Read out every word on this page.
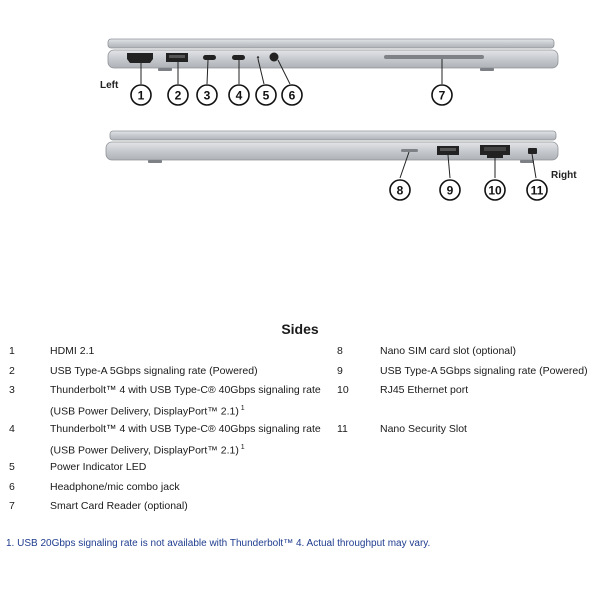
Left
Right
1	2 3 4 5 6	7
8	9	10 11
Sides
1	HDMI 2.1
2	USB Type-A 5Gbps signaling rate (Powered)
3	Thunderbolt™ 4 with USB Type-C® 40Gbps signaling rate
(USB Power Delivery, DisplayPort™ 2.1) $^1$
4	Thunderbolt™ 4 with USB Type-C® 40Gbps signaling rate
(USB Power Delivery, DisplayPort™ 2.1) $^1$
5	Power Indicator LED
6	Headphone/mic combo jack
7	Smart Card Reader (optional)
8	Nano SIM card slot (optional)
9	USB Type-A 5Gbps signaling rate (Powered)
10	RJ45 Ethernet port
11	Nano Security Slot
1. USB 20Gbps signaling rate is not available with Thunderbolt™ 4. Actual throughput may vary.
